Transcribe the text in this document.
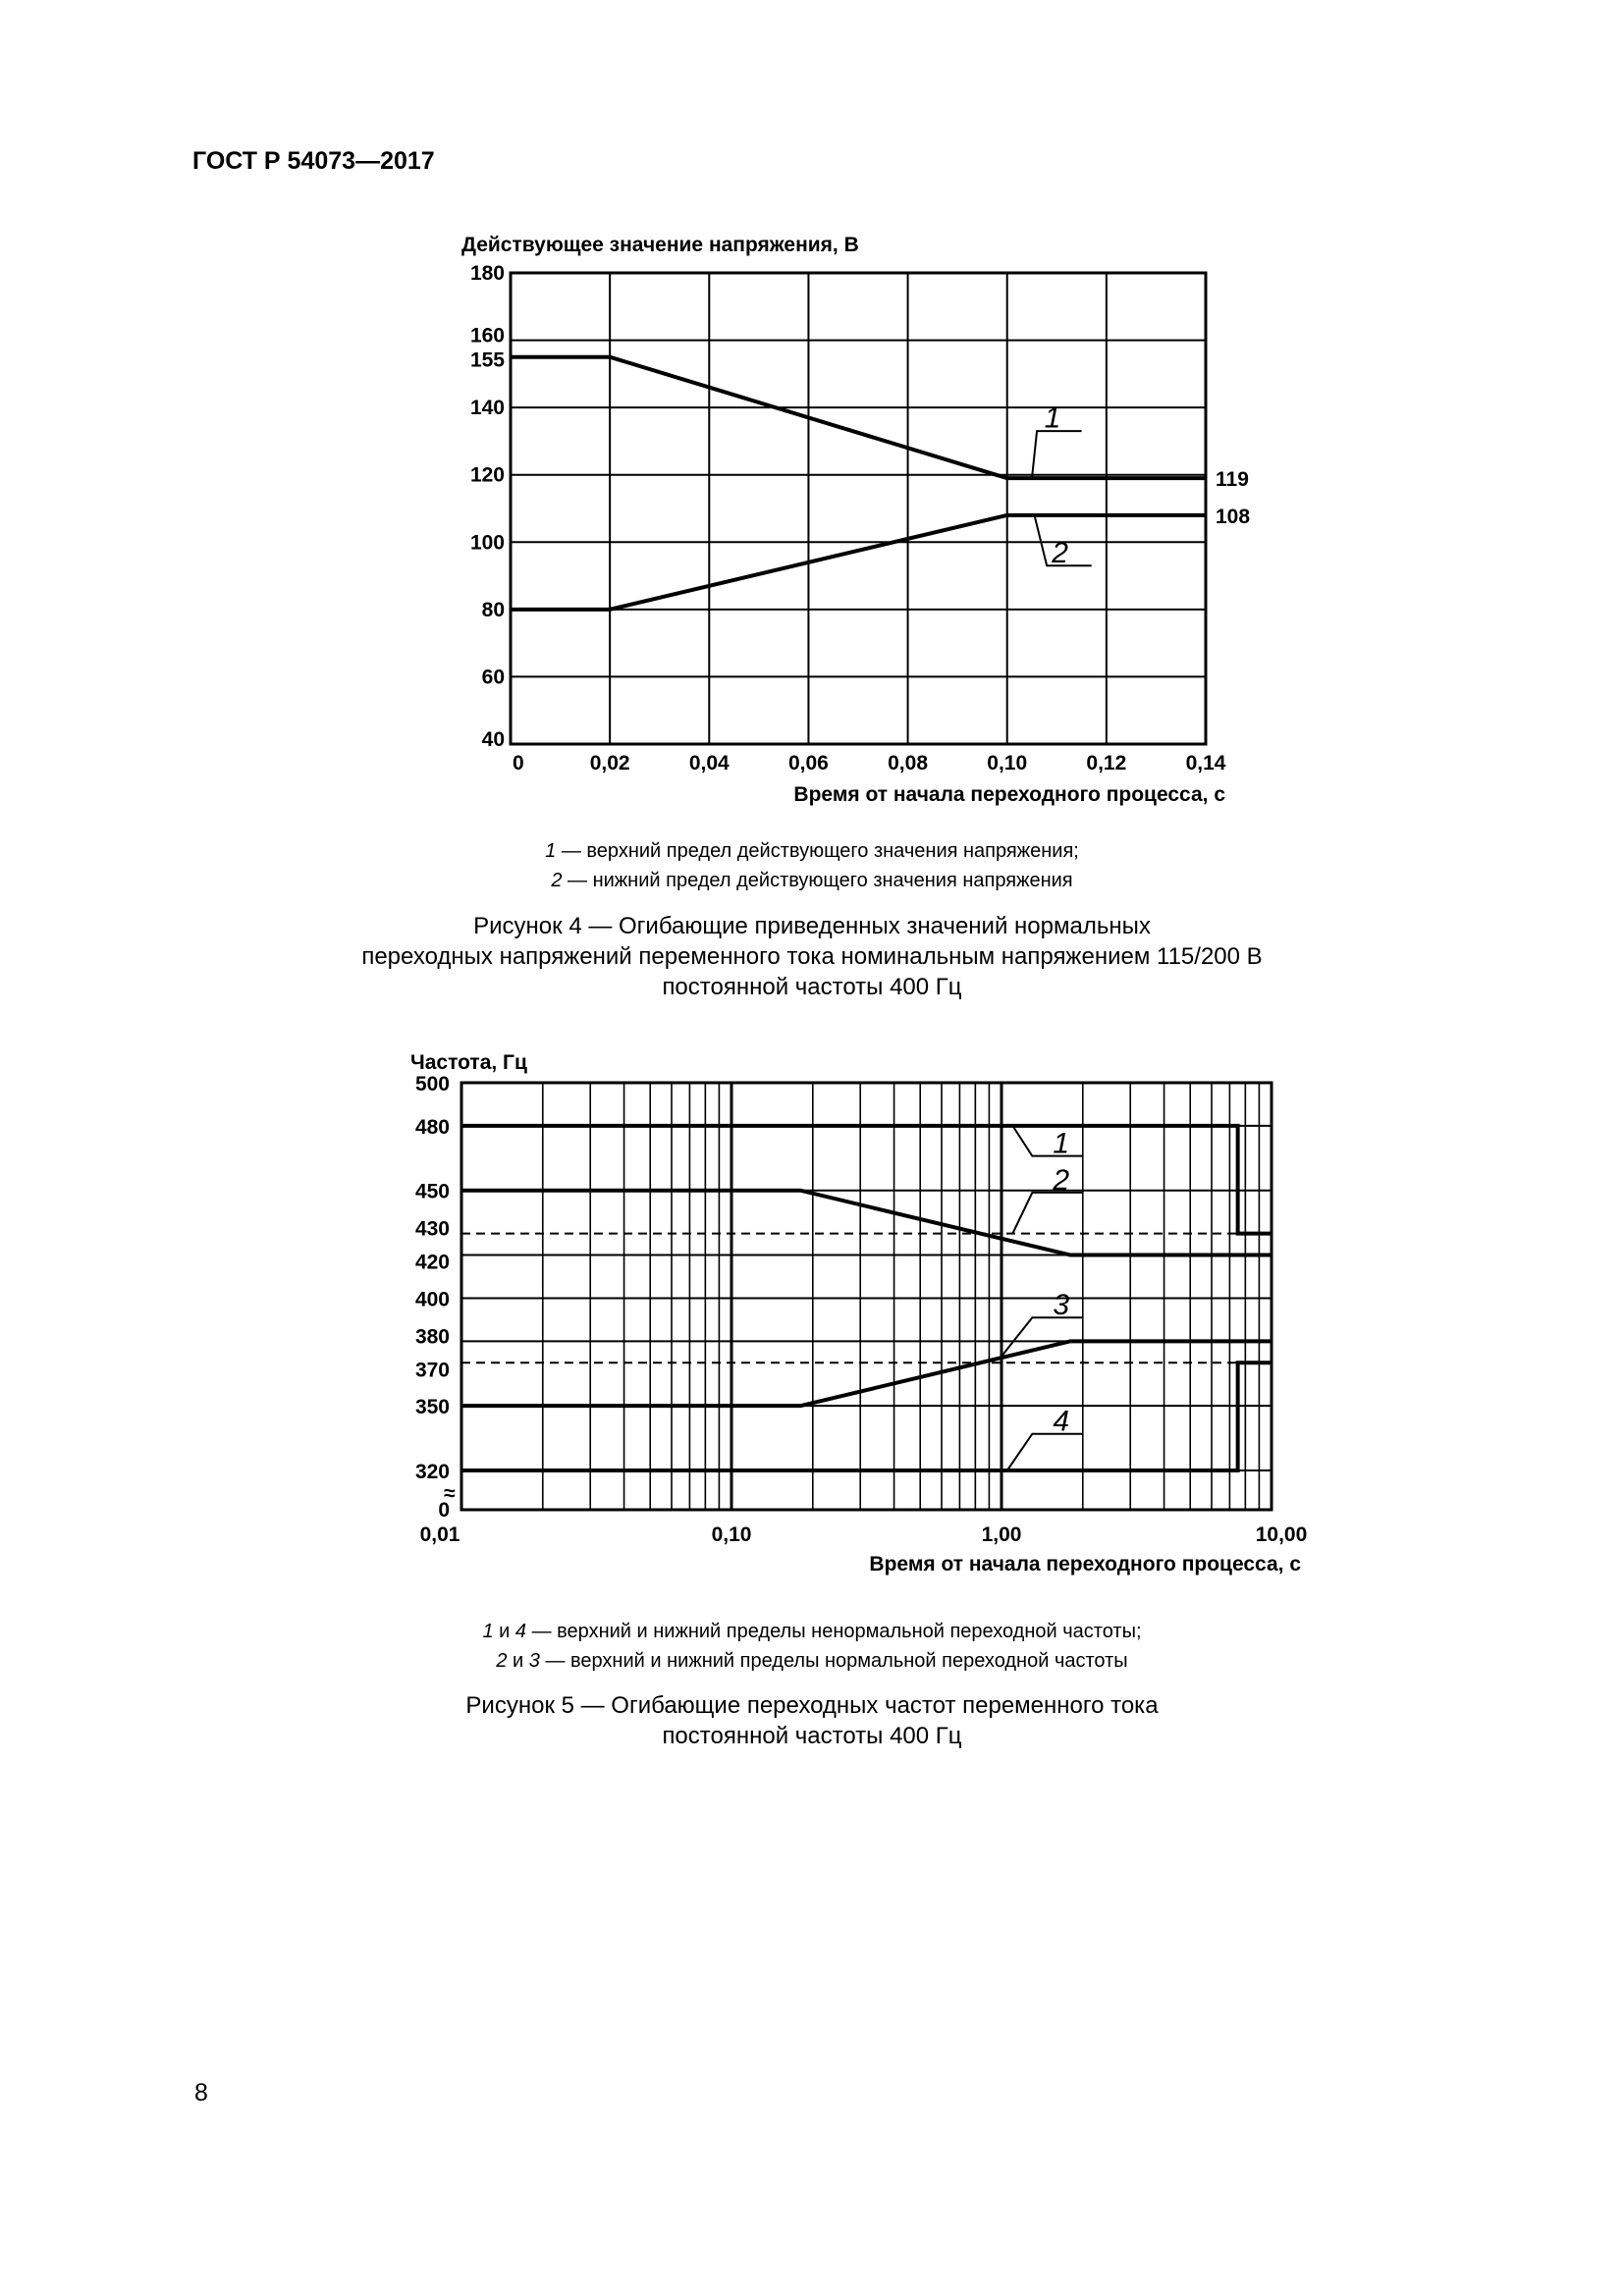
ГОСТ Р 54073—2017
0	0,02	0,04	0,06	0,08	0,10	0,12	0,14
40
60
80
100
120
140
155
160
180
119
108
1
2
Действующее значение напряжения, В
Время от начала переходного процесса, с
1 — верхний предел действующего значения напряжения;
2 — нижний предел действующего значения напряжения
Рисунок 4 — Огибающие приведенных значений нормальных
переходных напряжений переменного тока номинальным напряжением 115/200 В
постоянной частоты 400 Гц
0
320
350
370
380
400
420
430
450
480
500
≈
0,01	0,10	1,00	10,00
1
2
3
4
Частота, Гц
Время от начала переходного процесса, с
1 и 4 — верхний и нижний пределы ненормальной переходной частоты;
2 и 3 — верхний и нижний пределы нормальной переходной частоты
Рисунок 5 — Огибающие переходных частот переменного тока
постоянной частоты 400 Гц
8
